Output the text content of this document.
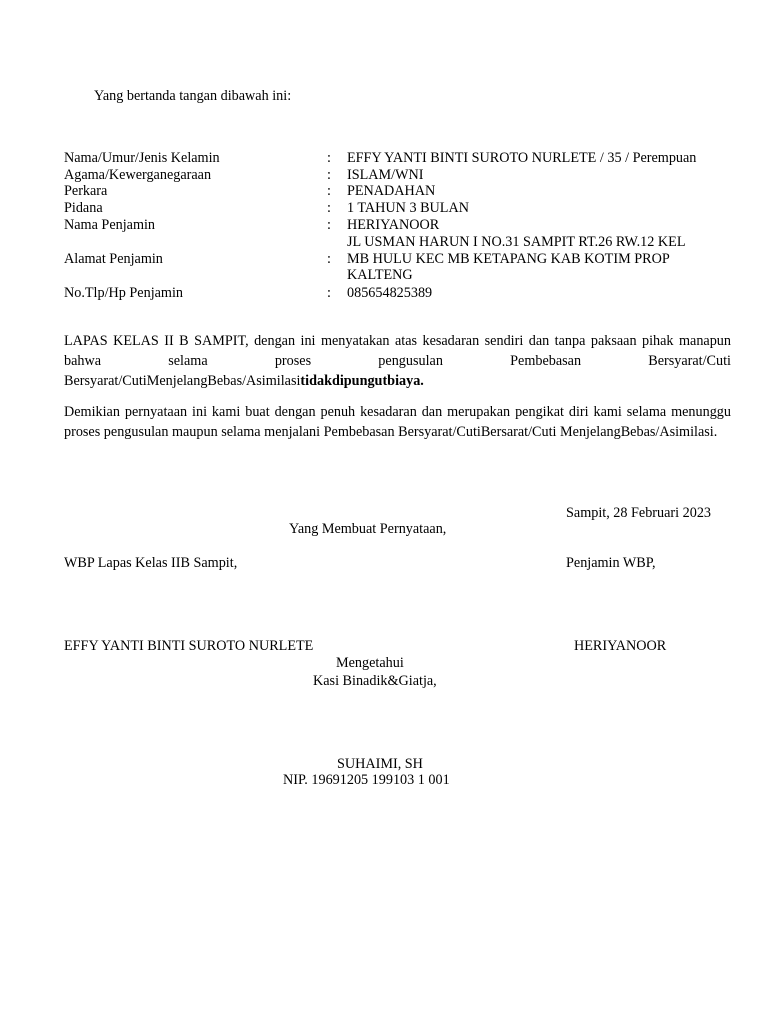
Yang bertanda tangan dibawah ini:
Nama/Umur/Jenis Kelamin	: EFFY YANTI BINTI SUROTO NURLETE / 35 / Perempuan
Agama/Kewerganegaraan	: ISLAM/WNI
Perkara	: PENADAHAN
Pidana	: 1 TAHUN 3 BULAN
Nama Penjamin	: HERIYANOOR
JL USMAN HARUN I NO.31 SAMPIT RT.26 RW.12 KEL
Alamat Penjamin	: MB HULU KEC MB KETAPANG KAB KOTIM PROP
KALTENG
No.Tlp/Hp Penjamin	: 085654825389
LAPAS KELAS II B SAMPIT, dengan ini menyatakan atas kesadaran sendiri dan tanpa paksaan pihak manapun bahwa selama proses pengusulan Pembebasan Bersyarat/Cuti Bersyarat/CutiMenjelangBebas/Asimilasitidakdipungutbiaya.
Demikian pernyataan ini kami buat dengan penuh kesadaran dan merupakan pengikat diri kami selama menunggu proses pengusulan maupun selama menjalani Pembebasan Bersyarat/CutiBersarat/Cuti MenjelangBebas/Asimilasi.
Sampit, 28 Februari 2023
Yang Membuat Pernyataan,
WBP Lapas Kelas IIB Sampit,	Penjamin WBP,
EFFY YANTI BINTI SUROTO NURLETE	HERIYANOOR
Mengetahui
Kasi Binadik&Giatja,
SUHAIMI, SH
NIP. 19691205 199103 1 001
